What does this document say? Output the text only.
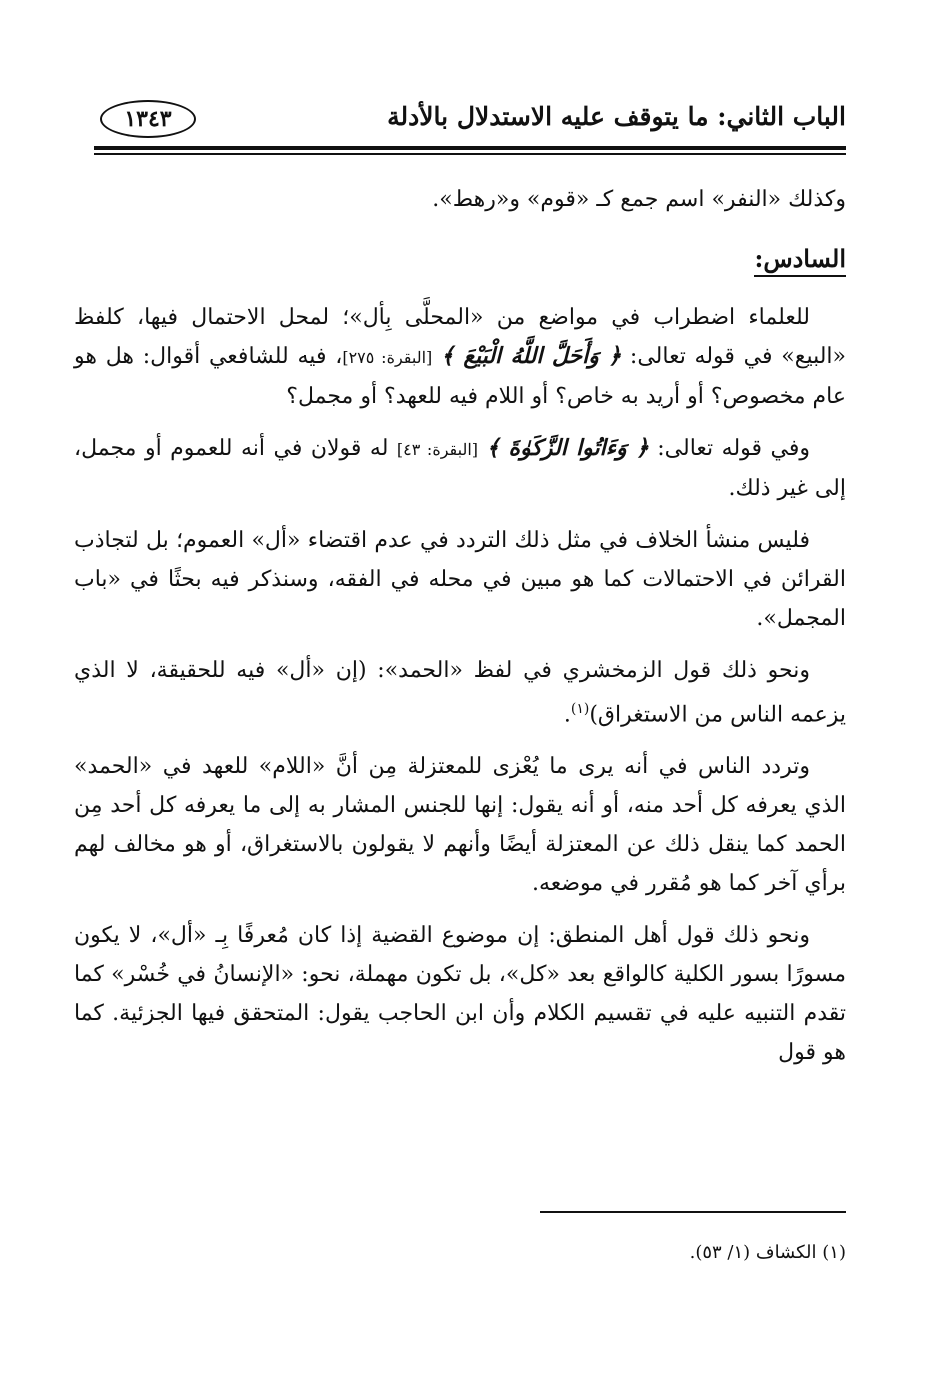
الباب الثاني: ما يتوقف عليه الاستدلال بالأدلة
١٣٤٣

وكذلك «النفر» اسم جمع كـ «قوم» و«رهط».

السادس:

للعلماء اضطراب في مواضع من «المحلَّى بِأل»؛ لمحل الاحتمال فيها، كلفظ «البيع» في قوله تعالى: ﴿ وَأَحَلَّ اللَّهُ الْبَيْعَ ﴾ [البقرة: ٢٧٥]، فيه للشافعي أقوال: هل هو عام مخصوص؟ أو أريد به خاص؟ أو اللام فيه للعهد؟ أو مجمل؟

وفي قوله تعالى: ﴿ وَءَاتُوا الزَّكَوٰةَ ﴾ [البقرة: ٤٣] له قولان في أنه للعموم أو مجمل، إلى غير ذلك.

فليس منشأ الخلاف في مثل ذلك التردد في عدم اقتضاء «أل» العموم؛ بل لتجاذب القرائن في الاحتمالات كما هو مبين في محله في الفقه، وسنذكر فيه بحثًا في «باب المجمل».

ونحو ذلك قول الزمخشري في لفظ «الحمد»: (إن «أل» فيه للحقيقة، لا الذي يزعمه الناس من الاستغراق)$^{(١)}$.

وتردد الناس في أنه يرى ما يُعْزى للمعتزلة مِن أنَّ «اللام» للعهد في «الحمد» الذي يعرفه كل أحد منه، أو أنه يقول: إنها للجنس المشار به إلى ما يعرفه كل أحد مِن الحمد كما ينقل ذلك عن المعتزلة أيضًا وأنهم لا يقولون بالاستغراق، أو هو مخالف لهم برأي آخر كما هو مُقرر في موضعه.

ونحو ذلك قول أهل المنطق: إن موضوع القضية إذا كان مُعرفًا بِـ «أل»، لا يكون مسورًا بسور الكلية كالواقع بعد «كل»، بل تكون مهملة، نحو: «الإنسانُ في خُسْر» كما تقدم التنبيه عليه في تقسيم الكلام وأن ابن الحاجب يقول: المتحقق فيها الجزئية. كما هو قول

(١) الكشاف (١/ ٥٣).
